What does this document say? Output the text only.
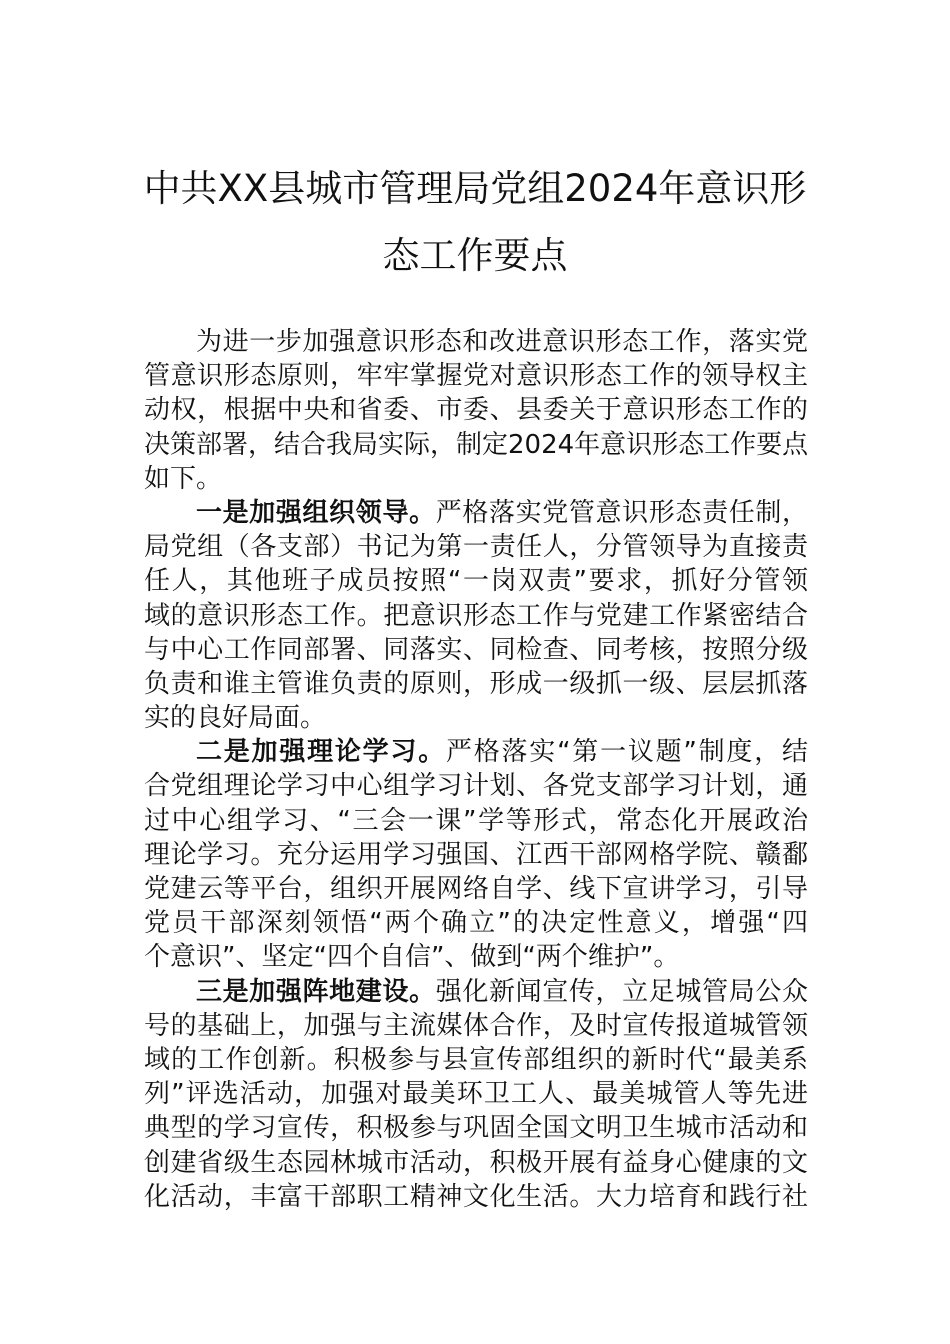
中共XX县城市管理局党组2024年意识形
态工作要点
为进一步加强意识形态和改进意识形态工作，落实党
管意识形态原则，牢牢掌握党对意识形态工作的领导权主
动权，根据中央和省委、市委、县委关于意识形态工作的
决策部署，结合我局实际，制定2024年意识形态工作要点
如下。
一是加强组织领导。严格落实党管意识形态责任制，
局党组（各支部）书记为第一责任人，分管领导为直接责
任人，其他班子成员按照“一岗双责”要求，抓好分管领
域的意识形态工作。把意识形态工作与党建工作紧密结合
与中心工作同部署、同落实、同检查、同考核，按照分级
负责和谁主管谁负责的原则，形成一级抓一级、层层抓落
实的良好局面。
二是加强理论学习。严格落实“第一议题”制度，结
合党组理论学习中心组学习计划、各党支部学习计划，通
过中心组学习、“三会一课”学等形式，常态化开展政治
理论学习。充分运用学习强国、江西干部网格学院、赣鄱
党建云等平台，组织开展网络自学、线下宣讲学习，引导
党员干部深刻领悟“两个确立”的决定性意义，增强“四
个意识”、坚定“四个自信”、做到“两个维护”。
三是加强阵地建设。强化新闻宣传，立足城管局公众
号的基础上，加强与主流媒体合作，及时宣传报道城管领
域的工作创新。积极参与县宣传部组织的新时代“最美系
列”评选活动，加强对最美环卫工人、最美城管人等先进
典型的学习宣传，积极参与巩固全国文明卫生城市活动和
创建省级生态园林城市活动，积极开展有益身心健康的文
化活动，丰富干部职工精神文化生活。大力培育和践行社
